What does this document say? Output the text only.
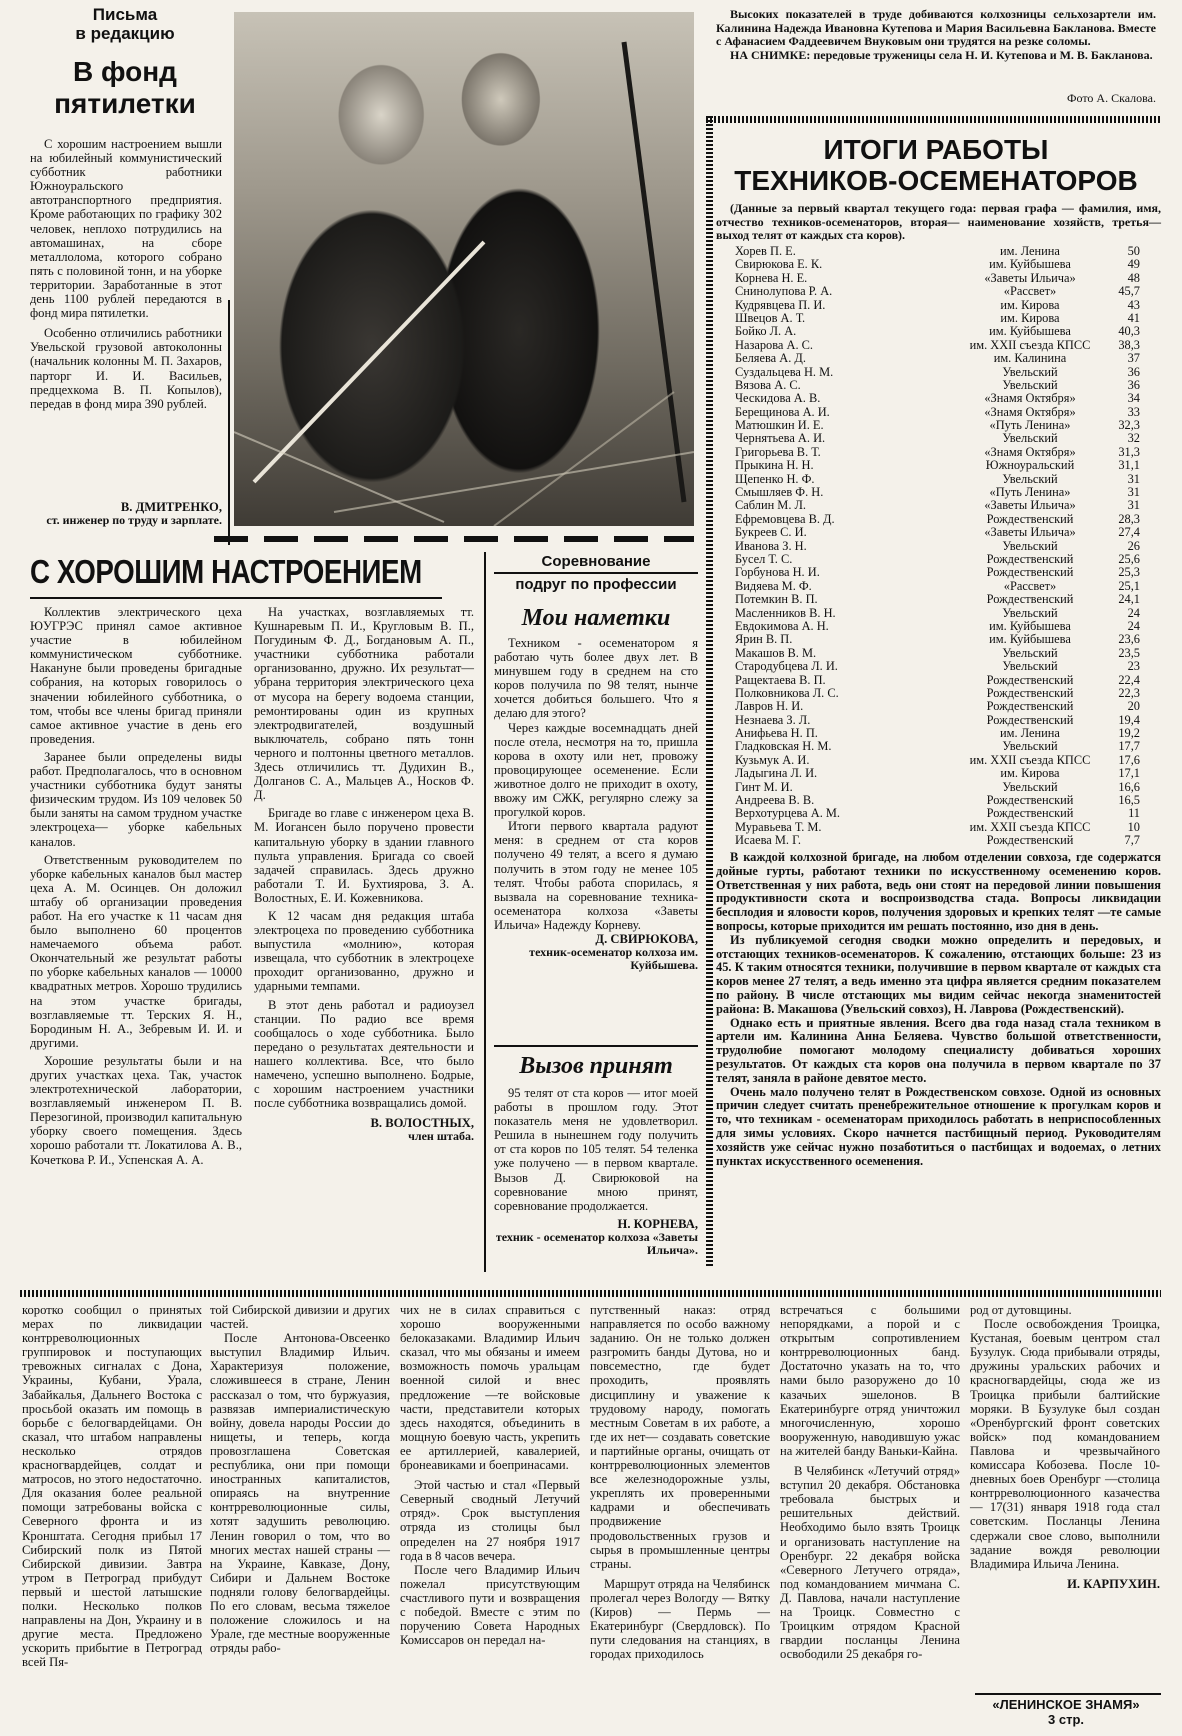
Письма
в редакцию
В фонд
пятилетки

С хорошим настроением вышли на юбилейный коммунистический субботник работники Южноуральского автотранспортного предприятия. Кроме работающих по графику 302 человек, неплохо потрудились на автомашинах, на сборе металлолома, которого собрано пять с половиной тонн, и на уборке территории. Заработанные в этот день 1100 рублей передаются в фонд мира пятилетки.

Особенно отличились работники Увельской грузовой автоколонны (начальник колонны М. П. Захаров, парторг И. И. Васильев, предцехкома В. П. Копылов), передав в фонд мира 390 рублей.

В. ДМИТРЕНКО,

ст. инженер по труду и зарплате.

Высоких показателей в труде добиваются колхозницы сельхозартели им. Калинина Надежда Ивановна Кутепова и Мария Васильевна Бакланова. Вместе с Афанасием Фаддеевичем Внуковым они трудятся на резке соломы.
НА СНИМКЕ: передовые труженицы села Н. И. Кутепова и М. В. Бакланова.
Фото А. Скалова.
ИТОГИ РАБОТЫ
ТЕХНИКОВ-ОСЕМЕНАТОРОВ
(Данные за первый квартал текущего года: первая графа — фамилия, имя, отчество техников-осеменаторов, вторая— наименование хозяйств, третья— выход телят от каждых ста коров).
Хорев П. Е.	им. Ленина	50
Свирюкова Е. К.	им. Куйбышева	49
Корнева Н. Е.	«Заветы Ильича»	48
Снинолупова Р. А.	«Рассвет»	45,7
Кудрявцева П. И.	им. Кирова	43
Швецов А. Т.	им. Кирова	41
Бойко Л. А.	им. Куйбышева	40,3
Назарова А. С.	им. XXII съезда КПСС	38,3
Беляева А. Д.	им. Калинина	37
Суздальцева Н. М.	Увельский	36
Вязова А. С.	Увельский	36
Ческидова А. В.	«Знамя Октября»	34
Берещинова А. И.	«Знамя Октября»	33
Матюшкин И. Е.	«Путь Ленина»	32,3
Чернятьева А. И.	Увельский	32
Григорьева В. Т.	«Знамя Октября»	31,3
Прыкина Н. Н.	Южноуральский	31,1
Щепенко Н. Ф.	Увельский	31
Смышляев Ф. Н.	«Путь Ленина»	31
Саблин М. Л.	«Заветы Ильича»	31
Ефремовцева В. Д.	Рождественский	28,3
Букреев С. И.	«Заветы Ильича»	27,4
Иванова З. Н.	Увельский	26
Бусел Т. С.	Рождественский	25,6
Горбунова Н. И.	Рождественский	25,3
Видяева М. Ф.	«Рассвет»	25,1
Потемкин В. П.	Рождественский	24,1
Масленников В. Н.	Увельский	24
Евдокимова А. Н.	им. Куйбышева	24
Ярин В. П.	им. Куйбышева	23,6
Макашов В. М.	Увельский	23,5
Стародубцева Л. И.	Увельский	23
Ращектаева В. П.	Рождественский	22,4
Полковникова Л. С.	Рождественский	22,3
Лавров Н. И.	Рождественский	20
Незнаева З. Л.	Рождественский	19,4
Анифьева Н. П.	им. Ленина	19,2
Гладковская Н. М.	Увельский	17,7
Кузьмук А. И.	им. XXII съезда КПСС	17,6
Ладыгина Л. И.	им. Кирова	17,1
Гинт М. И.	Увельский	16,6
Андреева В. В.	Рождественский	16,5
Верхотурцева А. М.	Рождественский	11
Муравьева Т. М.	им. XXII съезда КПСС	10
Исаева М. Г.	Рождественский	7,7

В каждой колхозной бригаде, на любом отделении совхоза, где содержатся дойные гурты, работают техники по искусственному осеменению коров. Ответственная у них работа, ведь они стоят на передовой линии повышения продуктивности скота и воспроизводства стада. Вопросы ликвидации бесплодия и яловости коров, получения здоровых и крепких телят —те самые вопросы, которые приходится им решать постоянно, изо дня в день.

Из публикуемой сегодня сводки можно определить и передовых, и отстающих техников-осеменаторов. К сожалению, отстающих больше: 23 из 45. К таким относятся техники, получившие в первом квартале от каждых ста коров менее 27 телят, а ведь именно эта цифра является средним показателем по району. В числе отстающих мы видим сейчас некогда знаменитостей района: В. Макашова (Увельский совхоз), Н. Лаврова (Рождественский).

Однако есть и приятные явления. Всего два года назад стала техником в артели им. Калинина Анна Беляева. Чувство большой ответственности, трудолюбие помогают молодому специалисту добиваться хороших результатов. От каждых ста коров она получила в первом квартале по 37 телят, заняла в районе девятое место.

Очень мало получено телят в Рождественском совхозе. Одной из основных причин следует считать пренебрежительное отношение к прогулкам коров и то, что техникам - осеменаторам приходилось работать в неприспособленных для зимы условиях. Скоро начнется пастбищный период. Руководителям хозяйств уже сейчас нужно позаботиться о пастбищах и водоемах, о летних пунктах искусственного осеменения.

С ХОРОШИМ НАСТРОЕНИЕМ

Коллектив электрического цеха ЮУГРЭС принял самое активное участие в юбилейном коммунистическом субботнике. Накануне были проведены бригадные собрания, на которых говорилось о значении юбилейного субботника, о том, чтобы все члены бригад приняли самое активное участие в день его проведения.

Заранее были определены виды работ. Предполагалось, что в основном участники субботника будут заняты физическим трудом. Из 109 человек 50 были заняты на самом трудном участке электроцеха— уборке кабельных каналов.

Ответственным руководителем по уборке кабельных каналов был мастер цеха А. М. Осинцев. Он доложил штабу об организации проведения работ. На его участке к 11 часам дня было выполнено 60 процентов намечаемого объема работ. Окончательный же результат работы по уборке кабельных каналов — 10000 квадратных метров. Хорошо трудились на этом участке бригады, возглавляемые тт. Терских Я. Н., Бородиным Н. А., Зебревым И. И. и другими.

Хорошие результаты были и на других участках цеха. Так, участок электротехнической лаборатории, возглавляемый инженером П. В. Перезогиной, производил капитальную уборку своего помещения. Здесь хорошо работали тт. Локатилова А. В., Кочеткова Р. И., Успенская А. А.

На участках, возглавляемых тт. Кушнаревым П. И., Кругловым В. П., Погудиным Ф. Д., Богдановым А. П., участники субботника работали организованно, дружно. Их результат— убрана территория электрического цеха от мусора на берегу водоема станции, ремонтированы один из крупных электродвигателей, воздушный выключатель, собрано пять тонн черного и полтонны цветного металлов. Здесь отличились тт. Дудихин В., Долганов С. А., Мальцев А., Носков Ф. Д.

Бригаде во главе с инженером цеха В. М. Иогансен было поручено провести капитальную уборку в здании главного пульта управления. Бригада со своей задачей справилась. Здесь дружно работали Т. И. Бухтиярова, З. А. Волостных, Е. И. Кожевникова.

К 12 часам дня редакция штаба электроцеха по проведению субботника выпустила «молнию», которая извещала, что субботник в электроцехе проходит организованно, дружно и ударными темпами.

В этот день работал и радиоузел станции. По радио все время сообщалось о ходе субботника. Было передано о результатах деятельности и нашего коллектива. Все, что было намечено, успешно выполнено. Бодрые, с хорошим настроением участники после субботника возвращались домой.

В. ВОЛОСТНЫХ,

член штаба.

Соревнование
подруг по профессии
Мои наметки

Техником - осеменатором я работаю чуть более двух лет. В минувшем году в среднем на сто коров получила по 98 телят, нынче хочется добиться большего. Что я делаю для этого?

Через каждые восемнадцать дней после отела, несмотря на то, пришла корова в охоту или нет, провожу провоцирующее осеменение. Если животное долго не приходит в охоту, ввожу им СЖК, регулярно слежу за прогулкой коров.

Итоги первого квартала радуют меня: в среднем от ста коров получено 49 телят, а всего я думаю получить в этом году не менее 105 телят. Чтобы работа спорилась, я вызвала на соревнование техника-осеменатора колхоза «Заветы Ильича» Надежду Корневу.

Д. СВИРЮКОВА,

техник-осеменатор колхоза им. Куйбышева.

Вызов принят

95 телят от ста коров — итог моей работы в прошлом году. Этот показатель меня не удовлетворил. Решила в нынешнем году получить от ста коров по 105 телят. 54 теленка уже получено — в первом квартале. Вызов Д. Свирюковой на соревнование мною принят, соревнование продолжается.

Н. КОРНЕВА,

техник - осеменатор колхоза «Заветы Ильича».

коротко сообщил о принятых мерах по ликвидации контрреволюционных группировок и поступающих тревожных сигналах с Дона, Украины, Кубани, Урала, Забайкалья, Дальнего Востока с просьбой оказать им помощь в борьбе с белогвардейцами. Он сказал, что штабом направлены несколько отрядов красногвардейцев, солдат и матросов, но этого недостаточно. Для оказания более реальной помощи затребованы войска с Северного фронта и из Кронштата. Сегодня прибыл 17 Сибирский полк из Пятой Сибирской дивизии. Завтра утром в Петроград прибудут первый и шестой латышские полки. Несколько полков направлены на Дон, Украину и в другие места. Предложено ускорить прибытие в Петроград всей Пя-

той Сибирской дивизии и других частей.

После Антонова-Овсеенко выступил Владимир Ильич. Характеризуя положение, сложившееся в стране, Ленин рассказал о том, что буржуазия, развязав империалистическую войну, довела народы России до нищеты, и теперь, когда провозглашена Советская республика, они при помощи иностранных капиталистов, опираясь на внутренние контрреволюционные силы, хотят задушить революцию. Ленин говорил о том, что во многих местах нашей страны — на Украине, Кавказе, Дону, Сибири и Дальнем Востоке подняли голову белогвардейцы. По его словам, весьма тяжелое положение сложилось и на Урале, где местные вооруженные отряды рабо-

чих не в силах справиться с хорошо вооруженными белоказаками. Владимир Ильич сказал, что мы обязаны и имеем возможность помочь уральцам военной силой и внес предложение —те войсковые части, представители которых здесь находятся, объединить в мощную боевую часть, укрепить ее артиллерией, кавалерией, бронеавиками и боепринасами.

Этой частью и стал «Первый Северный сводный Летучий отряд». Срок выступления отряда из столицы был определен на 27 ноября 1917 года в 8 часов вечера.

После чего Владимир Ильич пожелал присутствующим счастливого пути и возвращения с победой. Вместе с этим по поручению Совета Народных Комиссаров он передал на-

путственный наказ: отряд направляется по особо важному заданию. Он не только должен разгромить банды Дутова, но и повсеместно, где будет проходить, проявлять дисциплину и уважение к трудовому народу, помогать местным Советам в их работе, а где их нет— создавать советские и партийные органы, очищать от контрреволюционных элементов все железнодорожные узлы, укреплять их проверенными кадрами и обеспечивать продвижение продовольственных грузов и сырья в промышленные центры страны.

Маршрут отряда на Челябинск пролегал через Вологду — Вятку (Киров) — Пермь — Екатеринбург (Свердловск). По пути следования на станциях, в городах приходилось

встречаться с большими непорядками, а порой и с открытым сопротивлением контрреволюционных банд. Достаточно указать на то, что нами было разоружено до 10 казачьих эшелонов. В Екатеринбурге отряд уничтожил многочисленную, хорошо вооруженную, наводившую ужас на жителей банду Ваньки-Кайна.

В Челябинск «Летучий отряд» вступил 20 декабря. Обстановка требовала быстрых и решительных действий. Необходимо было взять Троицк и организовать наступление на Оренбург. 22 декабря войска «Северного Летучего отряда», под командованием мичмана С. Д. Павлова, начали наступление на Троицк. Совместно с Троицким отрядом Красной гвардии посланцы Ленина освободили 25 декабря го-

род от дутовщины.

После освобождения Троицка, Кустаная, боевым центром стал Бузулук. Сюда прибывали отряды, дружины уральских рабочих и красногвардейцы, сюда же из Троицка прибыли балтийские моряки. В Бузулуке был создан «Оренбургский фронт советских войск» под командованием Павлова и чрезвычайного комиссара Кобозева. После 10-дневных боев Оренбург —столица контрреволюционного казачества — 17(31) января 1918 года стал советским. Посланцы Ленина сдержали свое слово, выполнили задание вождя революции Владимира Ильича Ленина.

И. КАРПУХИН.

«ЛЕНИНСКОЕ ЗНАМЯ»
3 стр.
